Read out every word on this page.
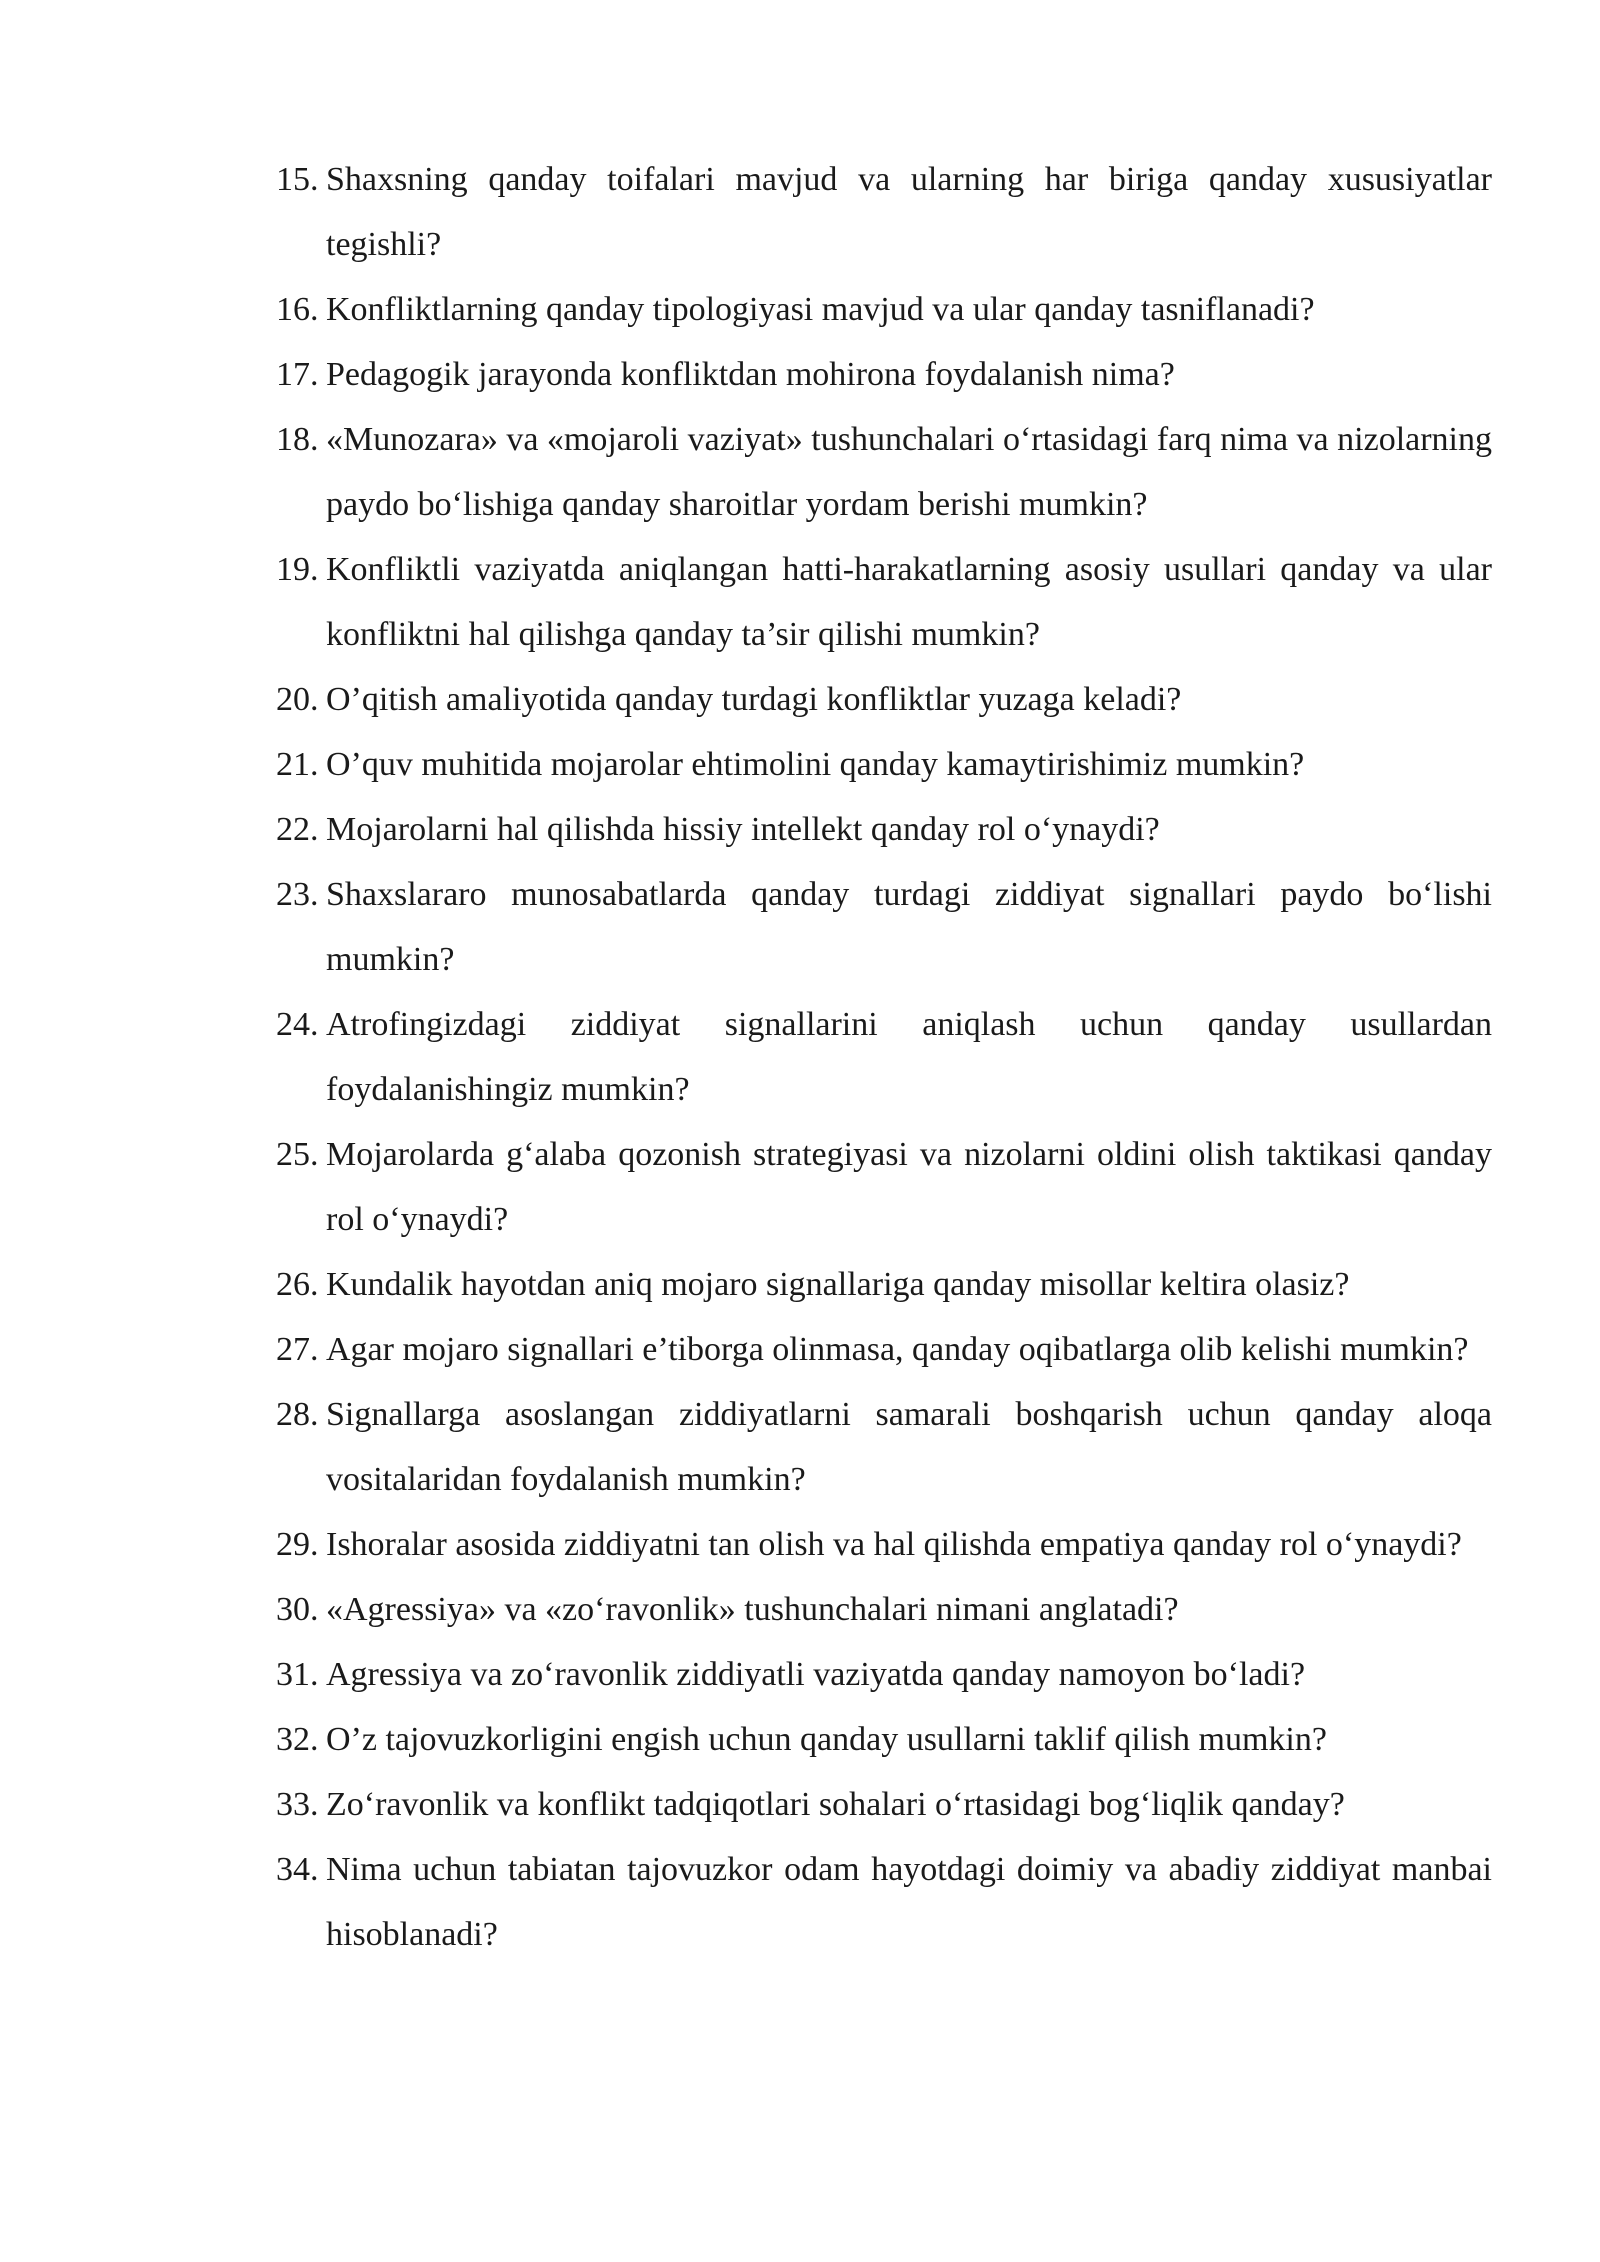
15. Shaxsning qanday toifalari mavjud va ularning har biriga qanday xususiyatlar tegishli?
16. Konfliktlarning qanday tipologiyasi mavjud va ular qanday tasniflanadi?
17. Pedagogik jarayonda konfliktdan mohirona foydalanish nima?
18. «Munozara» va «mojaroli vaziyat» tushunchalari oʻrtasidagi farq nima va nizolarning paydo boʻlishiga qanday sharoitlar yordam berishi mumkin?
19. Konfliktli vaziyatda aniqlangan hatti-harakatlarning asosiy usullari qanday va ular konfliktni hal qilishga qanday ta’sir qilishi mumkin?
20. O’qitish amaliyotida qanday turdagi konfliktlar yuzaga keladi?
21. O’quv muhitida mojarolar ehtimolini qanday kamaytirishimiz mumkin?
22. Mojarolarni hal qilishda hissiy intellekt qanday rol oʻynaydi?
23. Shaxslararo munosabatlarda qanday turdagi ziddiyat signallari paydo boʻlishi mumkin?
24. Atrofingizdagi ziddiyat signallarini aniqlash uchun qanday usullardan foydalanishingiz mumkin?
25. Mojarolarda gʻalaba qozonish strategiyasi va nizolarni oldini olish taktikasi qanday rol oʻynaydi?
26. Kundalik hayotdan aniq mojaro signallariga qanday misollar keltira olasiz?
27. Agar mojaro signallari e’tiborga olinmasa, qanday oqibatlarga olib kelishi mumkin?
28. Signallarga asoslangan ziddiyatlarni samarali boshqarish uchun qanday aloqa vositalaridan foydalanish mumkin?
29. Ishoralar asosida ziddiyatni tan olish va hal qilishda empatiya qanday rol oʻynaydi?
30. «Agressiya» va «zoʻravonlik» tushunchalari nimani anglatadi?
31. Agressiya va zoʻravonlik ziddiyatli vaziyatda qanday namoyon boʻladi?
32. O’z tajovuzkorligini engish uchun qanday usullarni taklif qilish mumkin?
33. Zoʻravonlik va konflikt tadqiqotlari sohalari oʻrtasidagi bogʻliqlik qanday?
34. Nima uchun tabiatan tajovuzkor odam hayotdagi doimiy va abadiy ziddiyat manbai hisoblanadi?
